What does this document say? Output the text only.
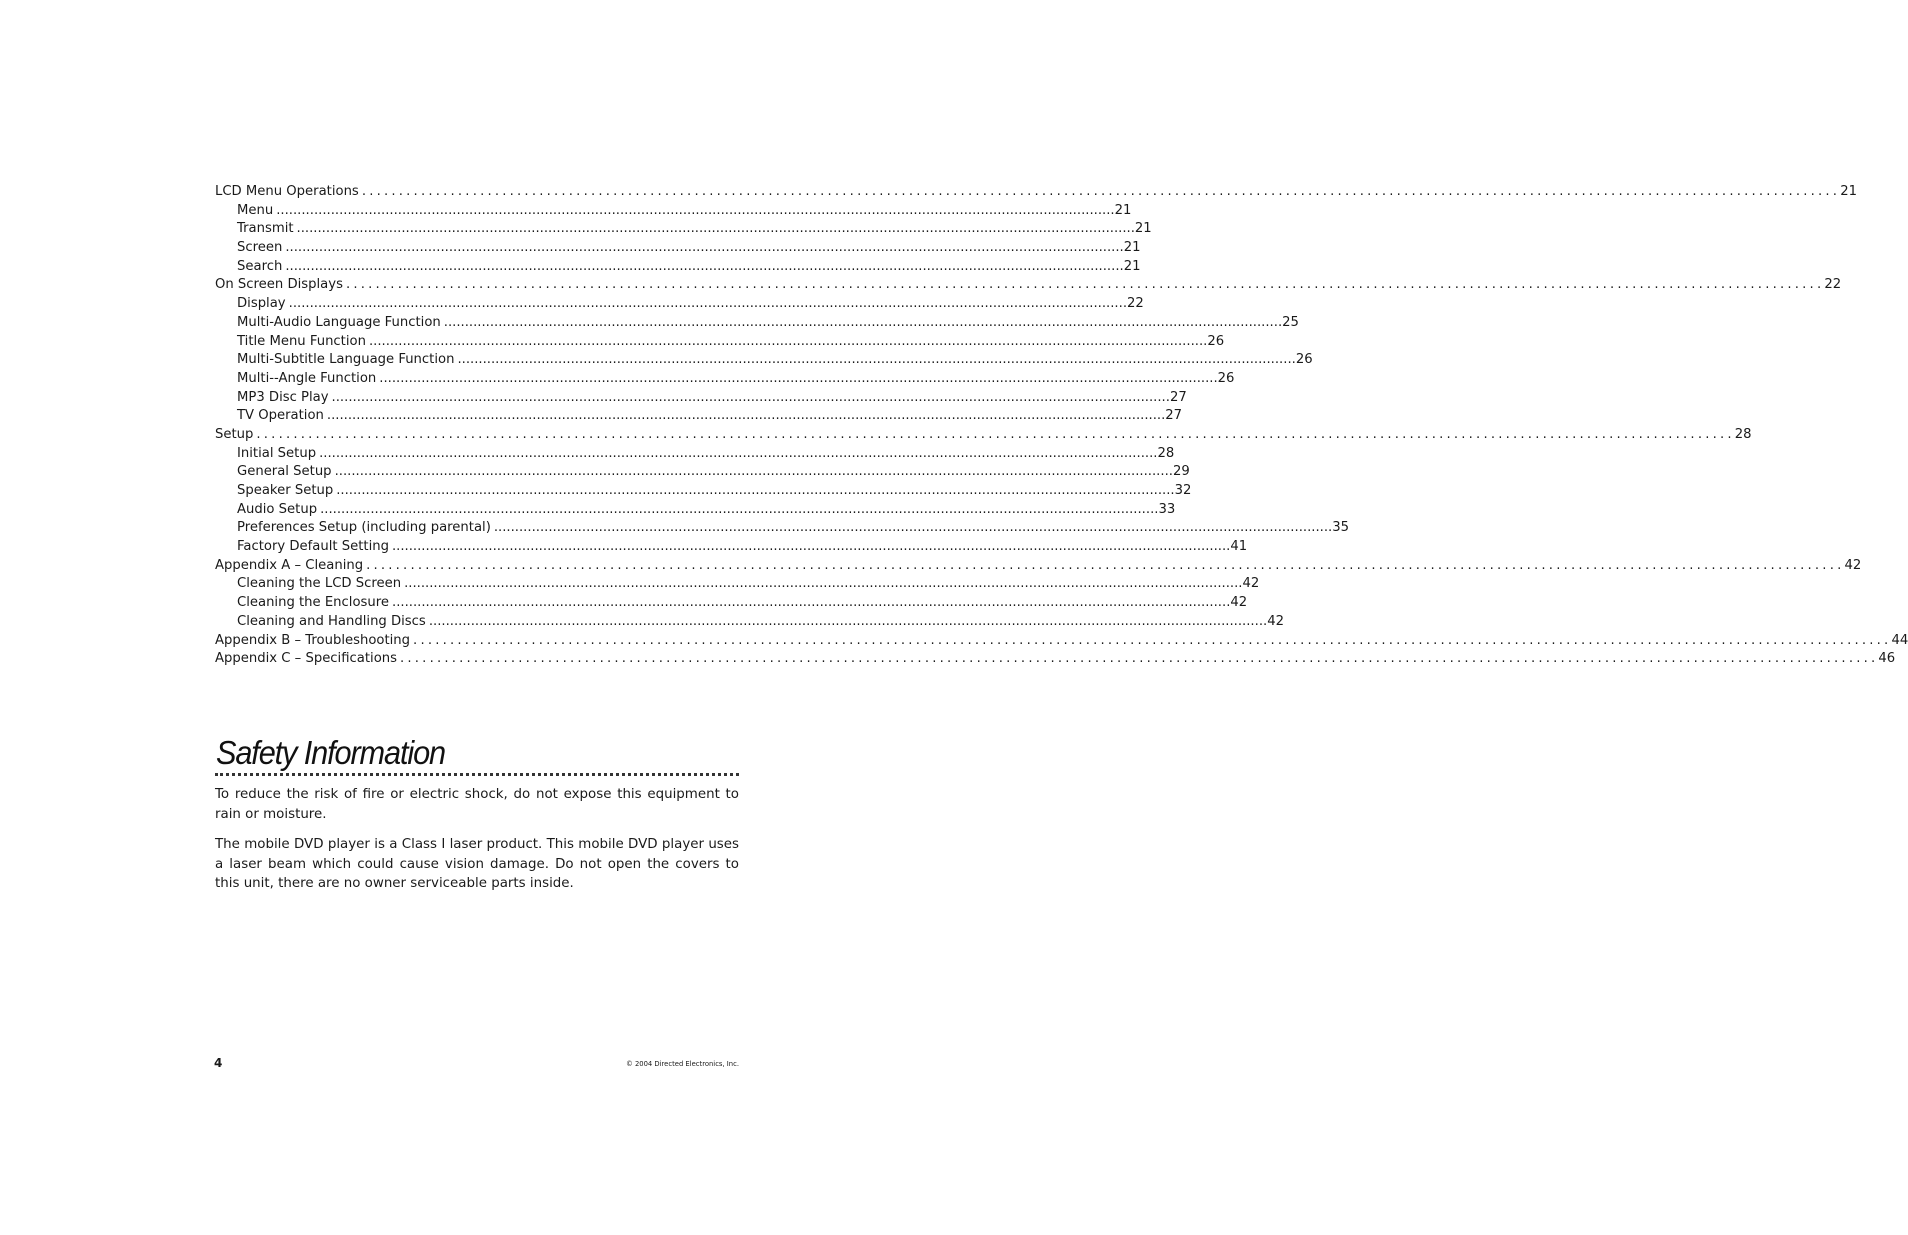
LCD Menu Operations ........................................................................................................................................................................................................ 21
Menu ........................................................................................................................................................................................................ 21
Transmit ........................................................................................................................................................................................................ 21
Screen ........................................................................................................................................................................................................ 21
Search ........................................................................................................................................................................................................ 21
On Screen Displays ........................................................................................................................................................................................................ 22
Display ........................................................................................................................................................................................................ 22
Multi-Audio Language Function ........................................................................................................................................................................................................ 25
Title Menu Function ........................................................................................................................................................................................................ 26
Multi-Subtitle Language Function ........................................................................................................................................................................................................ 26
Multi--Angle Function ........................................................................................................................................................................................................ 26
MP3 Disc Play ........................................................................................................................................................................................................ 27
TV Operation ........................................................................................................................................................................................................ 27
Setup ........................................................................................................................................................................................................ 28
Initial Setup ........................................................................................................................................................................................................ 28
General Setup ........................................................................................................................................................................................................ 29
Speaker Setup ........................................................................................................................................................................................................ 32
Audio Setup ........................................................................................................................................................................................................ 33
Preferences Setup (including parental) ........................................................................................................................................................................................................ 35
Factory Default Setting ........................................................................................................................................................................................................ 41
Appendix A – Cleaning ........................................................................................................................................................................................................ 42
Cleaning the LCD Screen ........................................................................................................................................................................................................ 42
Cleaning the Enclosure ........................................................................................................................................................................................................ 42
Cleaning and Handling Discs ........................................................................................................................................................................................................ 42
Appendix B – Troubleshooting ........................................................................................................................................................................................................ 44
Appendix C – Specifications ........................................................................................................................................................................................................ 46
Safety Information

To reduce the risk of fire or electric shock, do not expose this equipment to rain or moisture.

The mobile DVD player is a Class I laser product. This mobile DVD player uses a laser beam which could cause vision damage. Do not open the covers to this unit, there are no owner serviceable parts inside.

4	© 2004 Directed Electronics, Inc.
